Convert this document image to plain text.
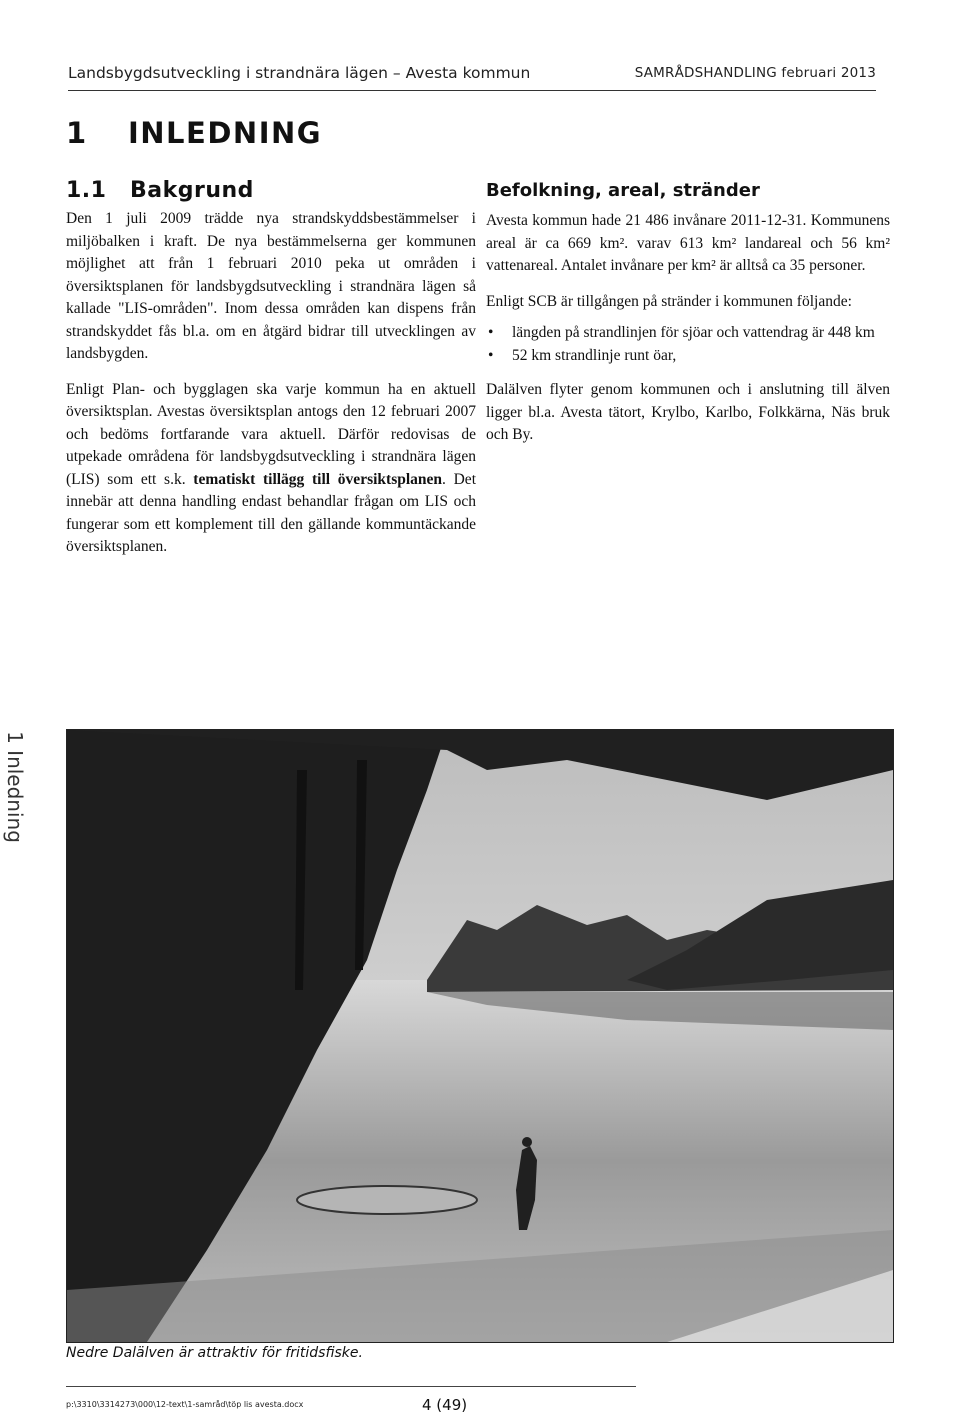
Landsbygdsutveckling i strandnära lägen – Avesta kommun	SAMRÅDSHANDLING februari 2013
1 INLEDNING
1.1 Bakgrund

Den 1 juli 2009 trädde nya strandskyddsbestämmelser i miljöbalken i kraft. De nya bestämmelserna ger kommunen möjlighet att från 1 februari 2010 peka ut områden i översiktsplanen för landsbygdsutveckling i strandnära lägen så kallade "LIS-områden". Inom dessa områden kan dispens från strandskyddet fås bl.a. om en åtgärd bidrar till utvecklingen av landsbygden.

Enligt Plan- och bygglagen ska varje kommun ha en aktuell översiktsplan. Avestas översiktsplan antogs den 12 februari 2007 och bedöms fortfarande vara aktuell. Därför redovisas de utpekade områdena för landsbygdsutveckling i strandnära lägen (LIS) som ett s.k. tematiskt tillägg till översiktsplanen. Det innebär att denna handling endast behandlar frågan om LIS och fungerar som ett komplement till den gällande kommuntäckande översiktsplanen.

Befolkning, areal, stränder

Avesta kommun hade 21 486 invånare 2011-12-31. Kommunens areal är ca 669 km². varav 613 km² landareal och 56 km² vattenareal. Antalet invånare per km² är alltså ca 35 personer.

Enligt SCB är tillgången på stränder i kommunen följande:

• längden på strandlinjen för sjöar och vattendrag är 448 km
• 52 km strandlinje runt öar,

Dalälven flyter genom kommunen och i anslutning till älven ligger bl.a. Avesta tätort, Krylbo, Karlbo, Folkkärna, Näs bruk och By.

1 Inledning
Nedre Dalälven är attraktiv för fritidsfiske.
p:\3310\3314273\000\12-text\1-samråd\töp lis avesta.docx	4 (49)
